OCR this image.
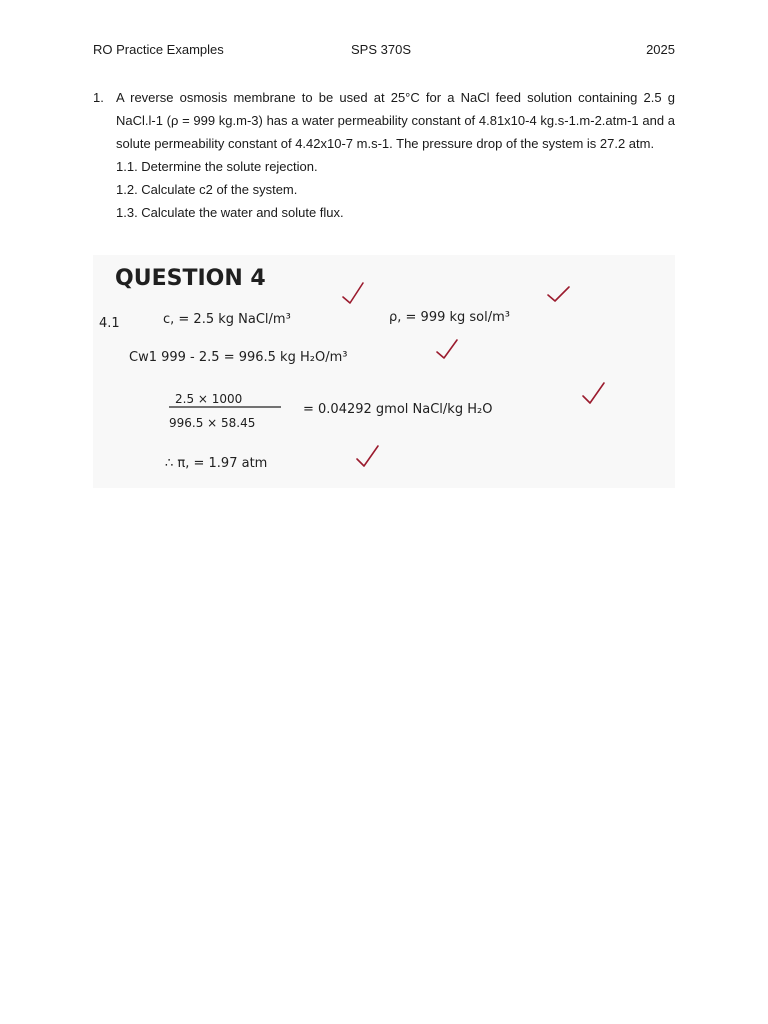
RO Practice Examples	SPS 370S	2025
1. A reverse osmosis membrane to be used at 25°C for a NaCl feed solution containing 2.5 g NaCl.l-1 (ρ = 999 kg.m-3) has a water permeability constant of 4.81x10-4 kg.s-1.m-2.atm-1 and a solute permeability constant of 4.42x10-7 m.s-1. The pressure drop of the system is 27.2 atm.
1.1. Determine the solute rejection.
1.2. Calculate c2 of the system.
1.3. Calculate the water and solute flux.
QUESTION 4
4.1	c, = 2.5 kg NaCl/m³	ρ, = 999 kg sol/m³
Cw1 999 - 2.5 = 996.5 kg H₂O/m³
2.5 × 1000
996.5 × 58.45
= 0.04292 gmol NaCl/kg H₂O
∴ π, = 1.97 atm
